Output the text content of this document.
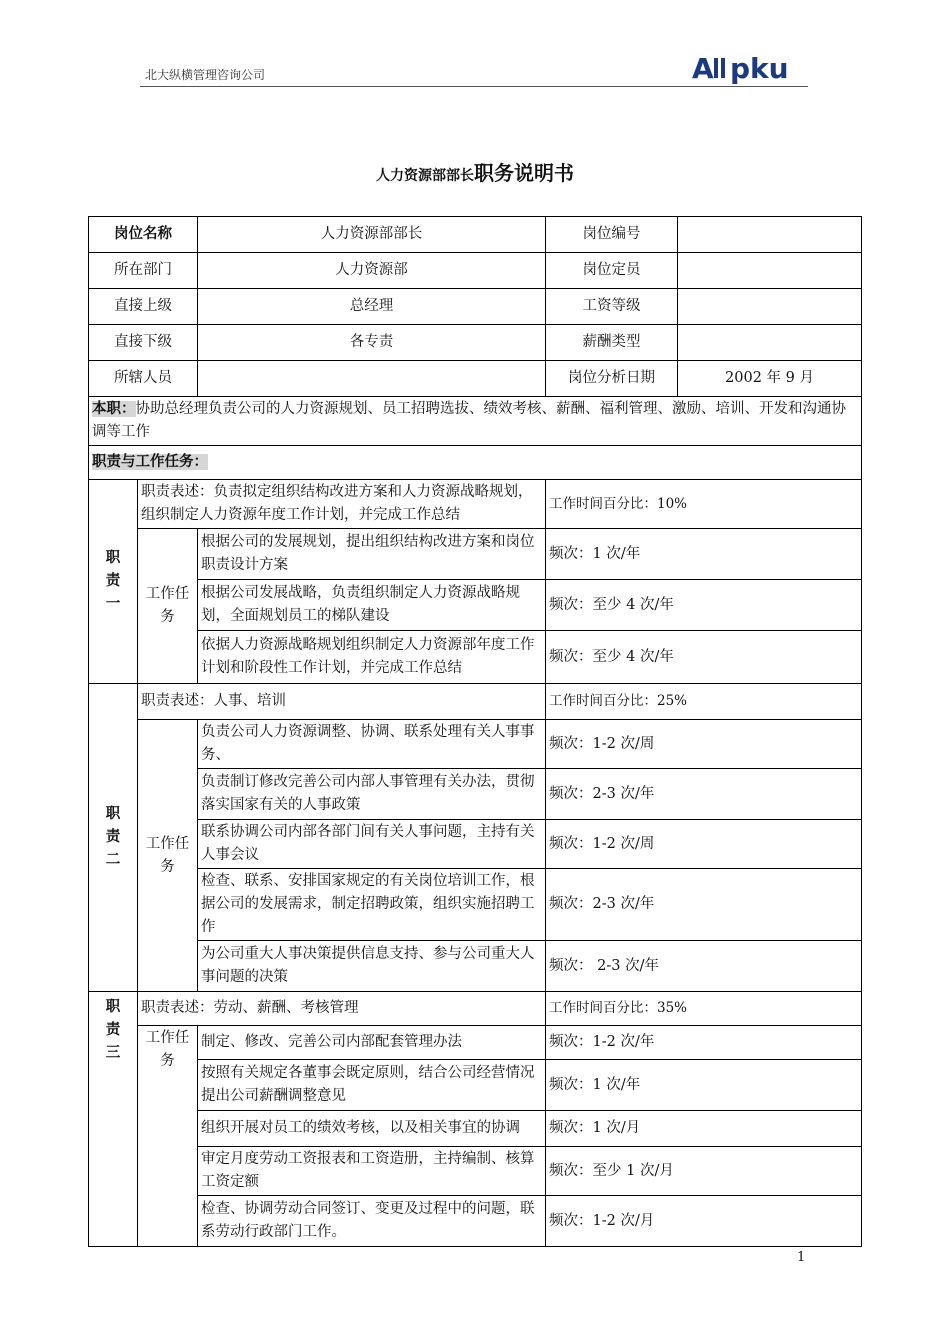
北大纵横管理咨询公司	A pku
人力资源部部长职务说明书
岗位名称		人力资源部部长	岗位编号	
所在部门		人力资源部	岗位定员	
直接上级		总经理	工资等级	
直接下级		各专责	薪酬类型	
所辖人员			岗位分析日期	2002 年 9 月
本职：协助总经理负责公司的人力资源规划、员工招聘选拔、绩效考核、薪酬、福利管理、激励、培训、开发和沟通协调等工作				
职责与工作任务：				
职
责
一	职责表述：负责拟定组织结构改进方案和人力资源战略规划，组织制定人力资源年度工作计划，并完成工作总结		工作时间百分比：10%	
	工作任务	根据公司的发展规划，提出组织结构改进方案和岗位职责设计方案	频次：1 次/年	
		根据公司发展战略，负责组织制定人力资源战略规划，全面规划员工的梯队建设	频次：至少 4 次/年	
		依据人力资源战略规划组织制定人力资源部年度工作计划和阶段性工作计划，并完成工作总结	频次：至少 4 次/年	
职
责
二	职责表述：人事、培训		工作时间百分比：25%	
	工作任务	负责公司人力资源调整、协调、联系处理有关人事事务、	频次：1-2 次/周	
		负责制订修改完善公司内部人事管理有关办法，贯彻落实国家有关的人事政策	频次：2-3 次/年	
		联系协调公司内部各部门间有关人事问题，主持有关人事会议	频次：1-2 次/周	
		检查、联系、安排国家规定的有关岗位培训工作，根据公司的发展需求，制定招聘政策，组织实施招聘工作	频次：2-3 次/年	
		为公司重大人事决策提供信息支持、参与公司重大人事问题的决策	频次： 2-3 次/年	
职
责
三	职责表述：劳动、薪酬、考核管理		工作时间百分比：35%	
	工作任务	制定、修改、完善公司内部配套管理办法	频次：1-2 次/年	
		按照有关规定各董事会既定原则，结合公司经营情况提出公司薪酬调整意见	频次：1 次/年	
		组织开展对员工的绩效考核，以及相关事宜的协调	频次：1 次/月	
		审定月度劳动工资报表和工资造册，主持编制、核算工资定额	频次：至少 1 次/月	
		检查、协调劳动合同签订、变更及过程中的问题，联系劳动行政部门工作。	频次：1-2 次/月	
1
